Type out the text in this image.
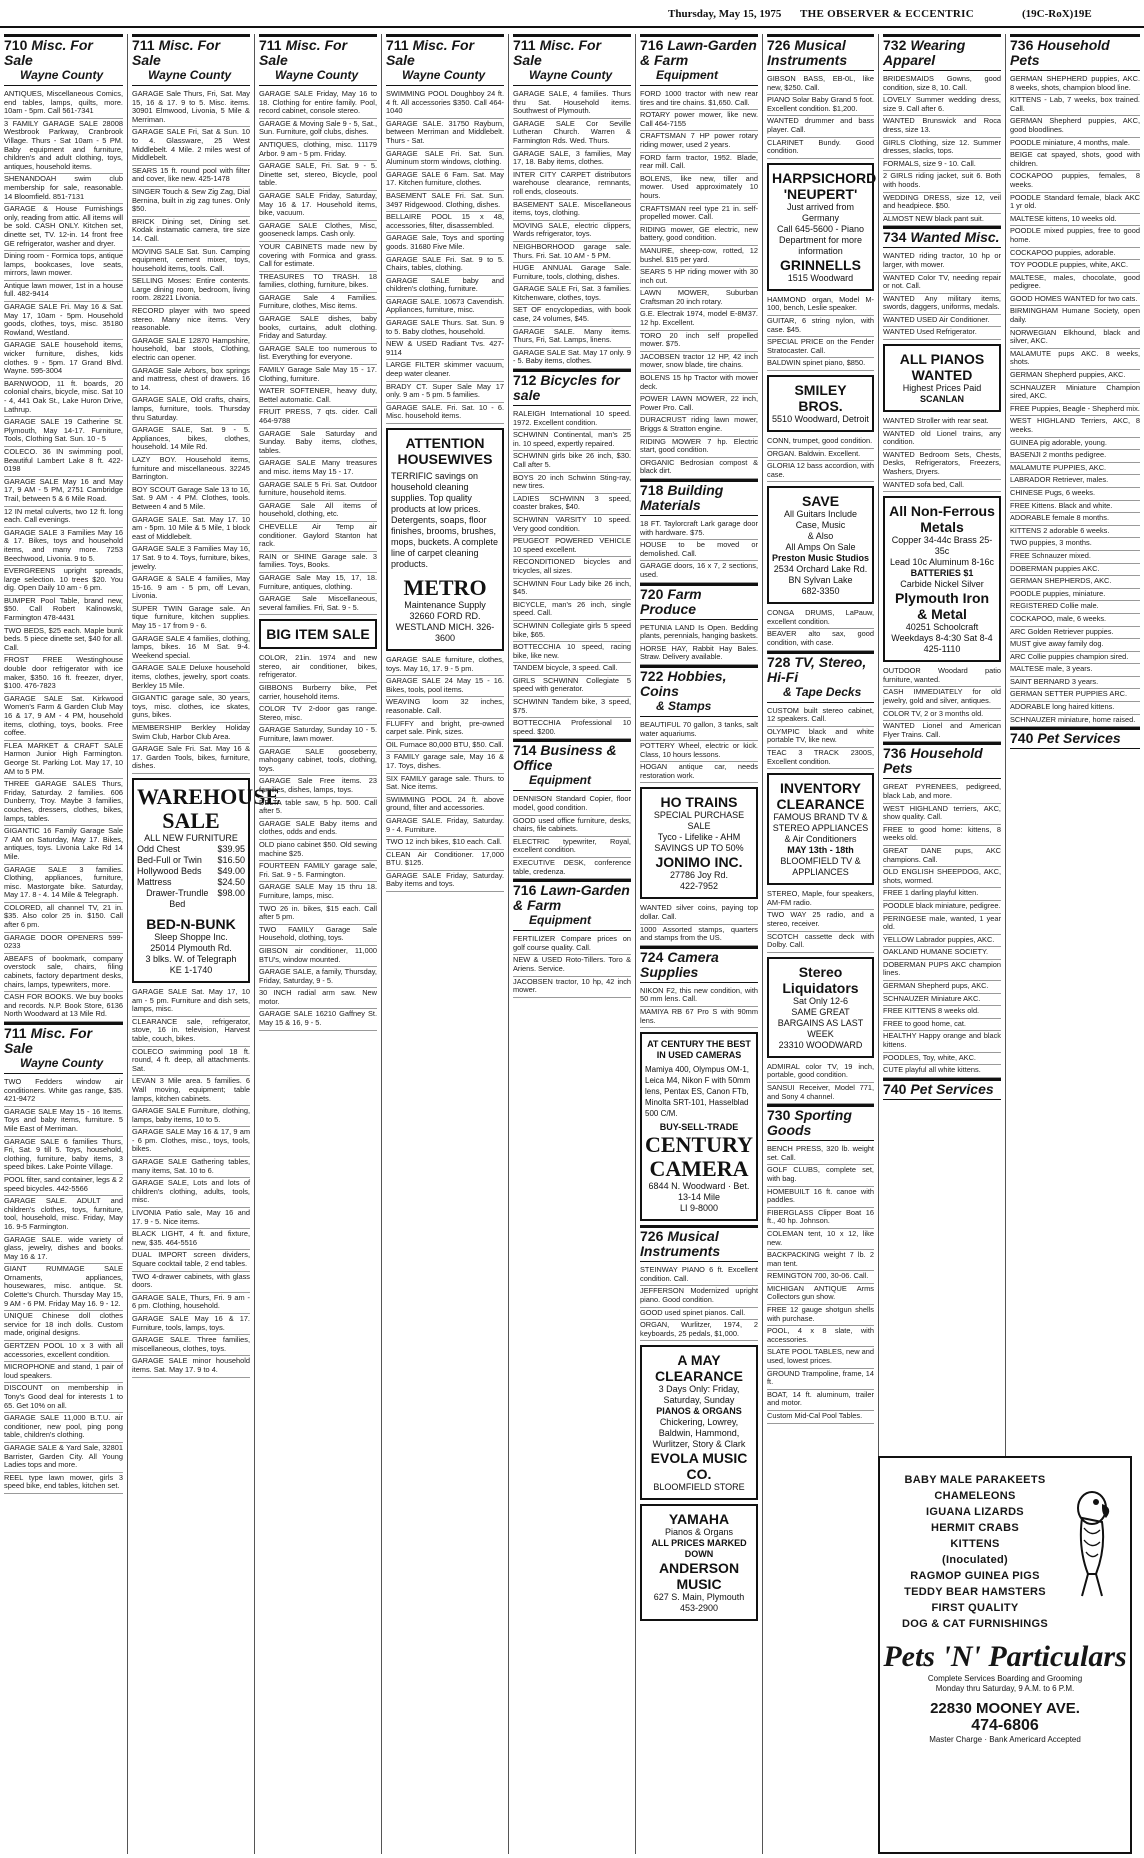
Thursday, May 15, 1975 THE OBSERVER & ECCENTRIC	(19C-RoX)19E
710 Misc. For Sale
Wayne County

ANTIQUES, Miscellaneous Comics, end tables, lamps, quilts, more. 10am - 5pm. Call 561-7341

3 FAMILY GARAGE SALE 28008 Westbrook Parkway, Cranbrook Village. Thurs - Sat 10am - 5 PM. Baby equipment and furniture, children's and adult clothing, toys, antiques, household items.

SHENANDOAH swim club membership for sale, reasonable. 14 Bloomfield. 851-7131

GARAGE & House Furnishings only, reading from attic. All items will be sold. CASH ONLY. Kitchen set, dinette set, TV. 12-in. 14 front free GE refrigerator, washer and dryer.

Dining room - Formica tops, antique lamps, bookcases, love seats, mirrors, lawn mower.

Antique lawn mower, 1st in a house full. 482-9414

GARAGE SALE Fri. May 16 & Sat. May 17, 10am - 5pm. Household goods, clothes, toys, misc. 35180 Rowland, Westland.

GARAGE SALE household items, wicker furniture, dishes, kids clothes. 9 - 5pm. 17 Grand Blvd. Wayne. 595-3004

BARNWOOD, 11 ft. boards, 20 colonial chairs, bicycle, misc. Sat 10 - 4, 441 Oak St., Lake Huron Drive, Lathrup.

GARAGE SALE 19 Catherine St. Plymouth, May 14-17. Furniture, Tools, Clothing Sat. Sun. 10 - 5

COLECO. 36 IN swimming pool, Beautiful Lambert Lake 8 ft. 422-0198

GARAGE SALE May 16 and May 17, 9 AM - 5 PM, 2751 Cambridge Trail, between 5 & 6 Mile Road.

12 IN metal culverts, two 12 ft. long each. Call evenings.

GARAGE SALE 3 Families May 16 & 17. Bikes, toys and household items, and many more. 7253 Beechwood, Livonia. 9 to 5.

EVERGREENS upright spreads, large selection. 10 trees $20. You dig. Open Daily 10 am - 6 pm.

BUMPER Pool Table, brand new, $50. Call Robert Kalinowski, Farmington 478-4431

TWO BEDS, $25 each. Maple bunk beds. 5 piece dinette set, $40 for all. Call.

FROST FREE Westinghouse double door refrigerator with ice maker, $350. 16 ft. freezer, dryer, $100. 476-7823

GARAGE SALE Sat. Kirkwood Women's Farm & Garden Club May 16 & 17, 9 AM - 4 PM, household items, clothing, toys, books. Free coffee.

FLEA MARKET & CRAFT SALE Harmon Junior High Farmington. George St. Parking Lot. May 17, 10 AM to 5 PM.

THREE GARAGE SALES Thurs, Friday, Saturday. 2 families. 606 Dunberry, Troy. Maybe 3 families, couches, dressers, clothes, bikes, lamps, tables.

GIGANTIC 16 Family Garage Sale 7 AM on Saturday, May 17. Bikes, antiques, toys. Livonia Lake Rd 14 Mile.

GARAGE SALE 3 families. Clothing, appliances, furniture, misc. Mastorgate bike. Saturday, May 17. 8 - 4. 14 Mile & Telegraph.

COLORED, all channel TV, 21 in. $35. Also color 25 in. $150. Call after 6 pm.

GARAGE DOOR OPENERS 599-0233

ABEAFS of bookmark, company overstock sale, chairs, filing cabinets, factory department desks, chairs, lamps, typewriters, more.

CASH FOR BOOKS. We buy books and records. N.P. Book Store, 6136 North Woodward at 13 Mile Rd.

711 Misc. For Sale
Wayne County

TWO Fedders window air conditioners. White gas range, $35. 421-9472

GARAGE SALE May 15 - 16 Items. Toys and baby items, furniture. 5 Mile East of Merriman.

GARAGE SALE 6 families Thurs, Fri, Sat. 9 till 5. Toys, household, clothing, furniture, baby items, 3 speed bikes. Lake Pointe Village.

POOL filter, sand container, legs & 2 speed bicycles. 442-5566

GARAGE SALE. ADULT and children's clothes, toys, furniture, tool, household, misc. Friday, May 16. 9-5 Farmington.

GARAGE SALE. wide variety of glass, jewelry, dishes and books. May 16 & 17.

GIANT RUMMAGE SALE Ornaments, appliances, housewares, misc. antique. St. Colette's Church. Thursday May 15, 9 AM - 6 PM. Friday May 16. 9 - 12.

UNIQUE Chinese doll clothes service for 18 inch dolls. Custom made, original designs.

GERTZEN POOL 10 x 3 with all accessories, excellent condition.

MICROPHONE and stand, 1 pair of loud speakers.

DISCOUNT on membership in Tony's Good deal for interests 1 to 65. Get 10% on all.

GARAGE SALE 11,000 B.T.U. air conditioner, new pool, ping pong table, children's clothing.

GARAGE SALE & Yard Sale, 32801 Barrister, Garden City. All Young Ladies tops and more.

REEL type lawn mower, girls 3 speed bike, end tables, kitchen set.

711 Misc. For Sale
Wayne County

GARAGE Sale Thurs, Fri, Sat. May 15, 16 & 17. 9 to 5. Misc. items. 30901 Elmwood, Livonia, 5 Mile & Merriman.

GARAGE SALE Fri, Sat & Sun. 10 to 4. Glassware, 25 West Middlebelt. 4 Mile. 2 miles west of Middlebelt.

SEARS 15 ft. round pool with filter and cover, like new. 425-1478

SINGER Touch & Sew Zig Zag, Dial Bernina, built in zig zag tunes. Only $50.

BRICK Dining set, Dining set. Kodak instamatic camera, tire size 14. Call.

MOVING SALE Sat. Sun. Camping equipment, cement mixer, toys, household items, tools. Call.

SELLING Moses: Entire contents. Large dining room, bedroom, living room. 28221 Livonia.

RECORD player with two speed stereo. Many nice items. Very reasonable.

GARAGE SALE 12870 Hampshire, household, bar stools, Clothing, electric can opener.

GARAGE Sale Arbors, box springs and mattress, chest of drawers. 16 to 14.

GARAGE SALE, Old crafts, chairs, lamps, furniture, tools. Thursday thru Saturday.

GARAGE SALE, Sat. 9 - 5. Appliances, bikes, clothes, household. 14 Mile Rd.

LAZY BOY. Household items, furniture and miscellaneous. 32245 Barrington.

BOY SCOUT Garage Sale 13 to 16, Sat. 9 AM - 4 PM. Clothes, tools. Between 4 and 5 Mile.

GARAGE SALE. Sat. May 17. 10 am - 5pm. 10 Mile & 5 Mile, 1 block east of Middlebelt.

GARAGE SALE 3 Families May 16, 17 Sat. 9 to 4. Toys, furniture, bikes, jewelry.

GARAGE & SALE 4 families, May 15-16. 9 am - 5 pm, off Levan, Livonia.

SUPER TWIN Garage sale. An tique furniture, kitchen supplies. May 15 - 17 from 9 - 6.

GARAGE SALE 4 families, clothing, lamps, bikes. 16 M Sat. 9-4. Weekend special.

GARAGE SALE Deluxe household items, clothes, jewelry, sport coats. Berkley 15 Mile.

GIGANTIC garage sale, 30 years, toys, misc. clothes, ice skates, guns, bikes.

MEMBERSHIP Berkley Holiday Swim Club, Harbor Club Area.

GARAGE Sale Fri. Sat. May 16 & 17. Garden Tools, bikes, furniture, dishes.

WAREHOUSE
SALE
ALL NEW FURNITURE
Odd Chest	$39.95
Bed-Full or Twin $16.50
Hollywood Beds $49.00
Mattress	$24.50
Drawer-Trundle Bed
$98.00
BED-N-BUNK
Sleep Shoppe Inc.
25014 Plymouth Rd.
3 blks. W. of Telegraph
KE 1-1740

GARAGE SALE Sat. May 17, 10 am - 5 pm. Furniture and dish sets, lamps, misc.

CLEARANCE sale, refrigerator, stove, 16 in. television, Harvest table, couch, bikes.

COLECO swimming pool 18 ft. round, 4 ft. deep, all attachments. Sat.

LEVAN 3 Mile area. 5 families. 6 Wall moving, equipment; table lamps, kitchen cabinets.

GARAGE SALE Furniture, clothing, lamps, baby items, 10 to 5.

GARAGE SALE May 16 & 17, 9 am - 6 pm. Clothes, misc., toys, tools, bikes.

GARAGE SALE Gathering tables, many items, Sat. 10 to 6.

GARAGE SALE, Lots and lots of children's clothing, adults, tools, misc.

LIVONIA Patio sale, May 16 and 17. 9 - 5. Nice items.

BLACK LIGHT, 4 ft. and fixture, new, $35. 464-5516

DUAL IMPORT screen dividers, Square cocktail table, 2 end tables.

TWO 4-drawer cabinets, with glass doors.

GARAGE SALE, Thurs, Fri. 9 am - 6 pm. Clothing, household.

GARAGE SALE May 16 & 17. Furniture, tools, lamps, toys.

GARAGE SALE. Three families, miscellaneous, clothes, toys.

GARAGE SALE minor household items. Sat. May 17. 9 to 4.

711 Misc. For Sale
Wayne County

GARAGE SALE Friday, May 16 to 18. Clothing for entire family. Pool, record cabinet, console stereo.

GARAGE & Moving Sale 9 - 5, Sat., Sun. Furniture, golf clubs, dishes.

ANTIQUES, clothing, misc. 11179 Arbor. 9 am - 5 pm. Friday.

GARAGE SALE, Fri. Sat. 9 - 5. Dinette set, stereo, Bicycle, pool table.

GARAGE SALE Friday, Saturday, May 16 & 17. Household items, bike, vacuum.

GARAGE SALE Clothes, Misc, gooseneck lamps. Cash only.

YOUR CABINETS made new by covering with Formica and grass. Call for estimate.

TREASURES TO TRASH. 18 families, clothing, furniture, bikes.

GARAGE Sale 4 Families. Furniture, clothes, Misc items.

GARAGE SALE dishes, baby books, curtains, adult clothing. Friday and Saturday.

GARAGE SALE too numerous to list. Everything for everyone.

FAMILY Garage Sale May 15 - 17. Clothing, furniture.

WATER SOFTENER, heavy duty, Bettel automatic. Call.

FRUIT PRESS, 7 qts. cider. Call 464-9788

GARAGE Sale Saturday and Sunday. Baby items, clothes, tables.

GARAGE SALE Many treasures and misc. items May 15 - 17.

GARAGE SALE 5 Fri. Sat. Outdoor furniture, household items.

GARAGE Sale All items of household, clothing, etc.

CHEVELLE Air Temp air conditioner. Gaylord Stanton hat rack.

RAIN or SHINE Garage sale. 3 families. Toys, Books.

GARAGE Sale May 15, 17, 18. Furniture, antiques, clothing.

GARAGE Sale Miscellaneous, several families. Fri, Sat. 9 - 5.

BIG ITEM SALE

COLOR, 21in. 1974 and new stereo, air conditioner, bikes, refrigerator.

GIBBONS Burberry bike, Pet carrier, household items.

COLOR TV 2-door gas range. Stereo, misc.

GARAGE Saturday, Sunday 10 - 5. Furniture, lawn mower.

GARAGE SALE gooseberry, mahogany cabinet, tools, clothing, toys.

GARAGE Sale Free items. 23 families, dishes, lamps, toys.

DELTA table saw, 5 hp. 500. Call after 5.

GARAGE SALE Baby items and clothes, odds and ends.

OLD piano cabinet $50. Old sewing machine $25.

FOURTEEN FAMILY garage sale, Fri. Sat. 9 - 5. Farmington.

GARAGE SALE May 15 thru 18. Furniture, lamps, misc.

TWO 26 in. bikes, $15 each. Call after 5 pm.

TWO FAMILY Garage Sale Household, clothing, toys.

GIBSON air conditioner, 11,000 BTU's, window mounted.

GARAGE SALE, a family, Thursday, Friday, Saturday, 9 - 5.

30 INCH radial arm saw. New motor.

GARAGE SALE 16210 Gaffney St. May 15 & 16, 9 - 5.

711 Misc. For Sale
Wayne County

SWIMMING POOL Doughboy 24 ft. 4 ft. All accessories $350. Call 464-1040

GARAGE SALE. 31750 Rayburn, between Merriman and Middlebelt. Thurs - Sat.

GARAGE SALE Fri. Sat. Sun. Aluminum storm windows, clothing.

GARAGE SALE 6 Fam. Sat. May 17. Kitchen furniture, clothes.

BASEMENT SALE Fri. Sat. Sun. 3497 Ridgewood. Clothing, dishes.

BELLAIRE POOL 15 x 48, accessories, filter, disassembled.

GARAGE Sale, Toys and sporting goods. 31680 Five Mile.

GARAGE SALE Fri. Sat. 9 to 5. Chairs, tables, clothing.

GARAGE SALE baby and children's clothing, furniture.

GARAGE SALE. 10673 Cavendish. Appliances, furniture, misc.

GARAGE SALE Thurs. Sat. Sun. 9 to 5. Baby clothes, household.

NEW & USED Radiant Tvs. 427-9114

LARGE FILTER skimmer vacuum, deep water cleaner.

BRADY CT. Super Sale May 17 only. 9 am - 5 pm. 5 families.

GARAGE SALE. Fri. Sat. 10 - 6. Misc. household items.

ATTENTION
HOUSEWIVES
TERRIFIC savings on household cleaning supplies. Top quality products at low prices. Detergents, soaps, floor finishes, brooms, brushes, mops, buckets. A complete line of carpet cleaning products.
METRO
Maintenance Supply
32660 FORD RD.
WESTLAND MICH. 326-3600

GARAGE SALE furniture, clothes, toys. May 16, 17. 9 - 5 pm.

GARAGE SALE 24 May 15 - 16. Bikes, tools, pool items.

WEAVING loom 32 inches, reasonable. Call.

FLUFFY and bright, pre-owned carpet sale. Pink, sizes.

OIL Furnace 80,000 BTU, $50. Call.

3 FAMILY garage sale, May 16 & 17. Toys, dishes.

SIX FAMILY garage sale. Thurs. to Sat. Nice items.

SWIMMING POOL 24 ft. above ground, filter and accessories.

GARAGE SALE. Friday, Saturday. 9 - 4. Furniture.

TWO 12 inch bikes, $10 each. Call.

CLEAN Air Conditioner. 17,000 BTU. $125.

GARAGE SALE Friday, Saturday. Baby items and toys.

711 Misc. For Sale
Wayne County

GARAGE SALE, 4 families. Thurs thru Sat. Household items. Southwest of Plymouth.

GARAGE SALE Cor Seville Lutheran Church. Warren & Farmington Rds. Wed. Thurs.

GARAGE SALE, 3 families, May 17, 18. Baby items, clothes.

INTER CITY CARPET distributors warehouse clearance, remnants, roll ends, closeouts.

BASEMENT SALE. Miscellaneous items, toys, clothing.

MOVING SALE, electric clippers, Wards refrigerator, toys.

NEIGHBORHOOD garage sale. Thurs. Fri. Sat. 10 AM - 5 PM.

HUGE ANNUAL Garage Sale. Furniture, tools, clothing, dishes.

GARAGE SALE Fri, Sat. 3 families. Kitchenware, clothes, toys.

SET OF encyclopedias, with book case, 24 volumes, $45.

GARAGE SALE. Many items. Thurs, Fri, Sat. Lamps, linens.

GARAGE SALE Sat. May 17 only. 9 - 5. Baby items, clothes.

712 Bicycles for sale

RALEIGH International 10 speed. 1972. Excellent condition.

SCHWINN Continental, man's 25 in. 10 speed, expertly repaired.

SCHWINN girls bike 26 inch, $30. Call after 5.

BOYS 20 inch Schwinn Sting-ray, new tires.

LADIES SCHWINN 3 speed, coaster brakes, $40.

SCHWINN VARSITY 10 speed. Very good condition.

PEUGEOT POWERED VEHICLE 10 speed excellent.

RECONDITIONED bicycles and tricycles, all sizes.

SCHWINN Four Lady bike 26 inch, $45.

BICYCLE, man's 26 inch, single speed. Call.

SCHWINN Collegiate girls 5 speed bike, $65.

BOTTECCHIA 10 speed, racing bike, like new.

TANDEM bicycle, 3 speed. Call.

GIRLS SCHWINN Collegiate 5 speed with generator.

SCHWINN Tandem bike, 3 speed, $75.

BOTTECCHIA Professional 10 speed. $200.

714 Business & Office
Equipment

DENNISON Standard Copier, floor model, good condition.

GOOD used office furniture, desks, chairs, file cabinets.

ELECTRIC typewriter, Royal, excellent condition.

EXECUTIVE DESK, conference table, credenza.

716 Lawn-Garden & Farm
Equipment

FERTILIZER Compare prices on golf course quality. Call.

NEW & USED Roto-Tillers. Toro & Ariens. Service.

JACOBSEN tractor, 10 hp, 42 inch mower.

716 Lawn-Garden & Farm
Equipment

FORD 1000 tractor with new rear tires and tire chains. $1,650. Call.

ROTARY power mower, like new. Call 464-7155

CRAFTSMAN 7 HP power rotary riding mower, used 2 years.

FORD farm tractor, 1952. Blade, rear mill. Call.

BOLENS, like new, tiller and mower. Used approximately 10 hours.

CRAFTSMAN reel type 21 in. self-propelled mower. Call.

RIDING mower, GE electric, new battery, good condition.

MANURE, sheep-cow, rotted, 12 bushel. $15 per yard.

SEARS 5 HP riding mower with 30 inch cut.

LAWN MOWER, Suburban Craftsman 20 inch rotary.

G.E. Electrak 1974, model E-8M37. 12 hp. Excellent.

TORO 20 inch self propelled mower. $75.

JACOBSEN tractor 12 HP, 42 inch mower, snow blade, tire chains.

BOLENS 15 hp Tractor with mower deck.

POWER LAWN MOWER, 22 inch, Power Pro. Call.

DURACRUST riding lawn mower, Briggs & Stratton engine.

RIDING MOWER 7 hp. Electric start, good condition.

ORGANIC Bedrosian compost & black dirt.

718 Building Materials

18 FT. Taylorcraft Lark garage door with hardware. $75.

HOUSE to be moved or demolished. Call.

GARAGE doors, 16 x 7, 2 sections, used.

720 Farm Produce

PETUNIA LAND Is Open. Bedding plants, perennials, hanging baskets.

HORSE HAY, Rabbit Hay Bales. Straw. Delivery available.

722 Hobbies, Coins
& Stamps

BEAUTIFUL 70 gallon, 3 tanks, salt water aquariums.

POTTERY Wheel, electric or kick. Class, 10 hours lessons.

HOGAN antique car, needs restoration work.

HO TRAINS
SPECIAL PURCHASE SALE
Tyco - Lifelike - AHM
SAVINGS UP TO 50%
JONIMO INC.
27786 Joy Rd.
422-7952

WANTED silver coins, paying top dollar. Call.

1000 Assorted stamps, quarters and stamps from the US.

724 Camera Supplies

NIKON F2, this new condition, with 50 mm lens. Call.

MAMIYA RB 67 Pro S with 90mm lens.

AT CENTURY THE BEST
IN USED CAMERAS
Mamiya 400, Olympus OM-1, Leica M4, Nikon F with 50mm lens, Pentax ES, Canon FTb, Minolta SRT-101, Hasselblad 500 C/M.
BUY-SELL-TRADE
CENTURY
CAMERA
6844 N. Woodward · Bet. 13-14 Mile
LI 9-8000
726 Musical Instruments

STEINWAY PIANO 6 ft. Excellent condition. Call.

JEFFERSON Modernized upright piano. Good condition.

GOOD used spinet pianos. Call.

ORGAN, Wurlitzer, 1974, 2 keyboards, 25 pedals, $1,000.

A MAY CLEARANCE
3 Days Only: Friday, Saturday, Sunday
PIANOS & ORGANS
Chickering, Lowrey, Baldwin, Hammond, Wurlitzer, Story & Clark
EVOLA MUSIC CO.
BLOOMFIELD STORE
YAMAHA
Pianos & Organs
ALL PRICES MARKED DOWN
ANDERSON MUSIC
627 S. Main, Plymouth
453-2900
726 Musical Instruments

GIBSON BASS, EB-0L, like new, $250. Call.

PIANO Solar Baby Grand 5 foot. Excellent condition. $1,200.

WANTED drummer and bass player. Call.

CLARINET Bundy. Good condition.

HARPSICHORD
'NEUPERT'
Just arrived from Germany
Call 645-5600 - Piano Department for more information
GRINNELLS
1515 Woodward

HAMMOND organ, Model M-100, bench, Leslie speaker.

GUITAR, 6 string nylon, with case. $45.

SPECIAL PRICE on the Fender Stratocaster. Call.

BALDWIN spinet piano, $850.

SMILEY BROS.
5510 Woodward, Detroit

CONN, trumpet, good condition.

ORGAN. Baldwin. Excellent.

GLORIA 12 bass accordion, with case.

SAVE
All Guitars Include
Case, Music
& Also
All Amps On Sale
Preston Music Studios
2534 Orchard Lake Rd.
BN Sylvan Lake
682-3350

CONGA DRUMS, LaPauw, excellent condition.

BEAVER alto sax, good condition, with case.

728 TV, Stereo, Hi-Fi
& Tape Decks

CUSTOM built stereo cabinet, 12 speakers. Call.

OLYMPIC black and white portable TV, like new.

TEAC 3 TRACK 2300S, Excellent condition.

INVENTORY
CLEARANCE
FAMOUS BRAND TV & STEREO APPLIANCES & Air Conditioners
MAY 13th - 18th
BLOOMFIELD TV & APPLIANCES

STEREO, Maple, four speakers, AM-FM radio.

TWO WAY 25 radio, and a stereo, receiver.

SCOTCH cassette deck with Dolby. Call.

Stereo Liquidators
Sat Only 12-6
SAME GREAT BARGAINS AS LAST WEEK
23310 WOODWARD

ADMIRAL color TV, 19 inch, portable, good condition.

SANSUI Receiver, Model 771, and Sony 4 channel.

730 Sporting Goods

BENCH PRESS, 320 lb. weight set. Call.

GOLF CLUBS, complete set, with bag.

HOMEBUILT 16 ft. canoe with paddles.

FIBERGLASS Clipper Boat 16 ft., 40 hp. Johnson.

COLEMAN tent, 10 x 12, like new.

BACKPACKING weight 7 lb. 2 man tent.

REMINGTON 700, 30-06. Call.

MICHIGAN ANTIQUE Arms Collectors gun show.

FREE 12 gauge shotgun shells with purchase.

POOL, 4 x 8 slate, with accessories.

SLATE POOL TABLES, new and used, lowest prices.

GROUND Trampoline, frame, 14 ft.

BOAT, 14 ft. aluminum, trailer and motor.

Custom Mid-Cal Pool Tables.

732 Wearing Apparel

BRIDESMAIDS Gowns, good condition, size 8, 10. Call.

LOVELY Summer wedding dress, size 9. Call after 6.

WANTED Brunswick and Roca dress, size 13.

GIRLS Clothing, size 12. Summer dresses, slacks, tops.

FORMALS, size 9 - 10. Call.

2 GIRLS riding jacket, suit 6. Both with hoods.

WEDDING DRESS, size 12, veil and headpiece. $50.

ALMOST NEW black pant suit.

734 Wanted Misc.

WANTED riding tractor, 10 hp or larger, with mower.

WANTED Color TV, needing repair or not. Call.

WANTED Any military items, swords, daggers, uniforms, medals.

WANTED USED Air Conditioner.

WANTED Used Refrigerator.

ALL PIANOS WANTED
Highest Prices Paid
SCANLAN

WANTED Stroller with rear seat.

WANTED old Lionel trains, any condition.

WANTED Bedroom Sets, Chests, Desks, Refrigerators, Freezers, Washers, Dryers.

WANTED sofa bed, Call.

All Non-Ferrous Metals
Copper 34-44c Brass 25-35c
Lead 10c Aluminum 8-16c
BATTERIES $1
Carbide Nickel Silver
Plymouth Iron & Metal
40251 Schoolcraft
Weekdays 8-4:30 Sat 8-4
425-1110

OUTDOOR Woodard patio furniture, wanted.

CASH IMMEDIATELY for old jewelry, gold and silver, antiques.

COLOR TV, 2 or 3 months old.

WANTED Lionel and American Flyer Trains. Call.

736 Household Pets

GREAT PYRENEES, pedigreed, black Lab, and more.

WEST HIGHLAND terriers, AKC, show quality. Call.

FREE to good home: kittens, 8 weeks old.

GREAT DANE pups, AKC champions. Call.

OLD ENGLISH SHEEPDOG, AKC, shots, wormed.

FREE 1 darling playful kitten.

POODLE black miniature, pedigree.

PERINGESE male, wanted, 1 year old.

YELLOW Labrador puppies, AKC.

OAKLAND HUMANE SOCIETY.

DOBERMAN PUPS AKC champion lines.

GERMAN Shepherd pups, AKC.

SCHNAUZER Miniature AKC.

FREE KITTENS 8 weeks old.

FREE to good home, cat.

HEALTHY Happy orange and black kittens.

POODLES, Toy, white, AKC.

CUTE playful all white kittens.

740 Pet Services
736 Household Pets

GERMAN SHEPHERD puppies, AKC. 8 weeks, shots, champion blood line.

KITTENS - Lab, 7 weeks, box trained. Call.

GERMAN Shepherd puppies, AKC, good bloodlines.

POODLE miniature, 4 months, male.

BEIGE cat spayed, shots, good with children.

COCKAPOO puppies, females, 8 weeks.

POODLE Standard female, black AKC 1 yr old.

MALTESE kittens, 10 weeks old.

POODLE mixed puppies, free to good home.

COCKAPOO puppies, adorable.

TOY POODLE puppies, white, AKC.

MALTESE, males, chocolate, good pedigree.

GOOD HOMES WANTED for two cats.

BIRMINGHAM Humane Society, open daily.

NORWEGIAN Elkhound, black and silver, AKC.

MALAMUTE pups AKC. 8 weeks, shots.

GERMAN Shepherd puppies, AKC.

SCHNAUZER Miniature Champion sired, AKC.

FREE Puppies, Beagle - Shepherd mix.

WEST HIGHLAND Terriers, AKC, 8 weeks.

GUINEA pig adorable, young.

BASENJI 2 months pedigree.

MALAMUTE PUPPIES, AKC.

LABRADOR Retriever, males.

CHINESE Pugs, 6 weeks.

FREE Kittens. Black and white.

ADORABLE female 8 months.

KITTENS 2 adorable 6 weeks.

TWO puppies, 3 months.

FREE Schnauzer mixed.

DOBERMAN puppies AKC.

GERMAN SHEPHERDS, AKC.

POODLE puppies, miniature.

REGISTERED Collie male.

COCKAPOO, male, 6 weeks.

ARC Golden Retriever puppies.

MUST give away family dog.

ARC Collie puppies champion sired.

MALTESE male, 3 years.

SAINT BERNARD 3 years.

GERMAN SETTER PUPPIES ARC.

ADORABLE long haired kittens.

SCHNAUZER miniature, home raised.

740 Pet Services
BABY MALE PARAKEETS
CHAMELEONS
IGUANA LIZARDS
HERMIT CRABS
KITTENS
(Inoculated)
RAGMOP GUINEA PIGS
TEDDY BEAR HAMSTERS
FIRST QUALITY
DOG & CAT FURNISHINGS
Pets 'N' Particulars
Complete Services Boarding and Grooming
Monday thru Saturday, 9 A.M. to 6 P.M.
22830 MOONEY AVE.
474-6806
Master Charge · Bank Americard Accepted
